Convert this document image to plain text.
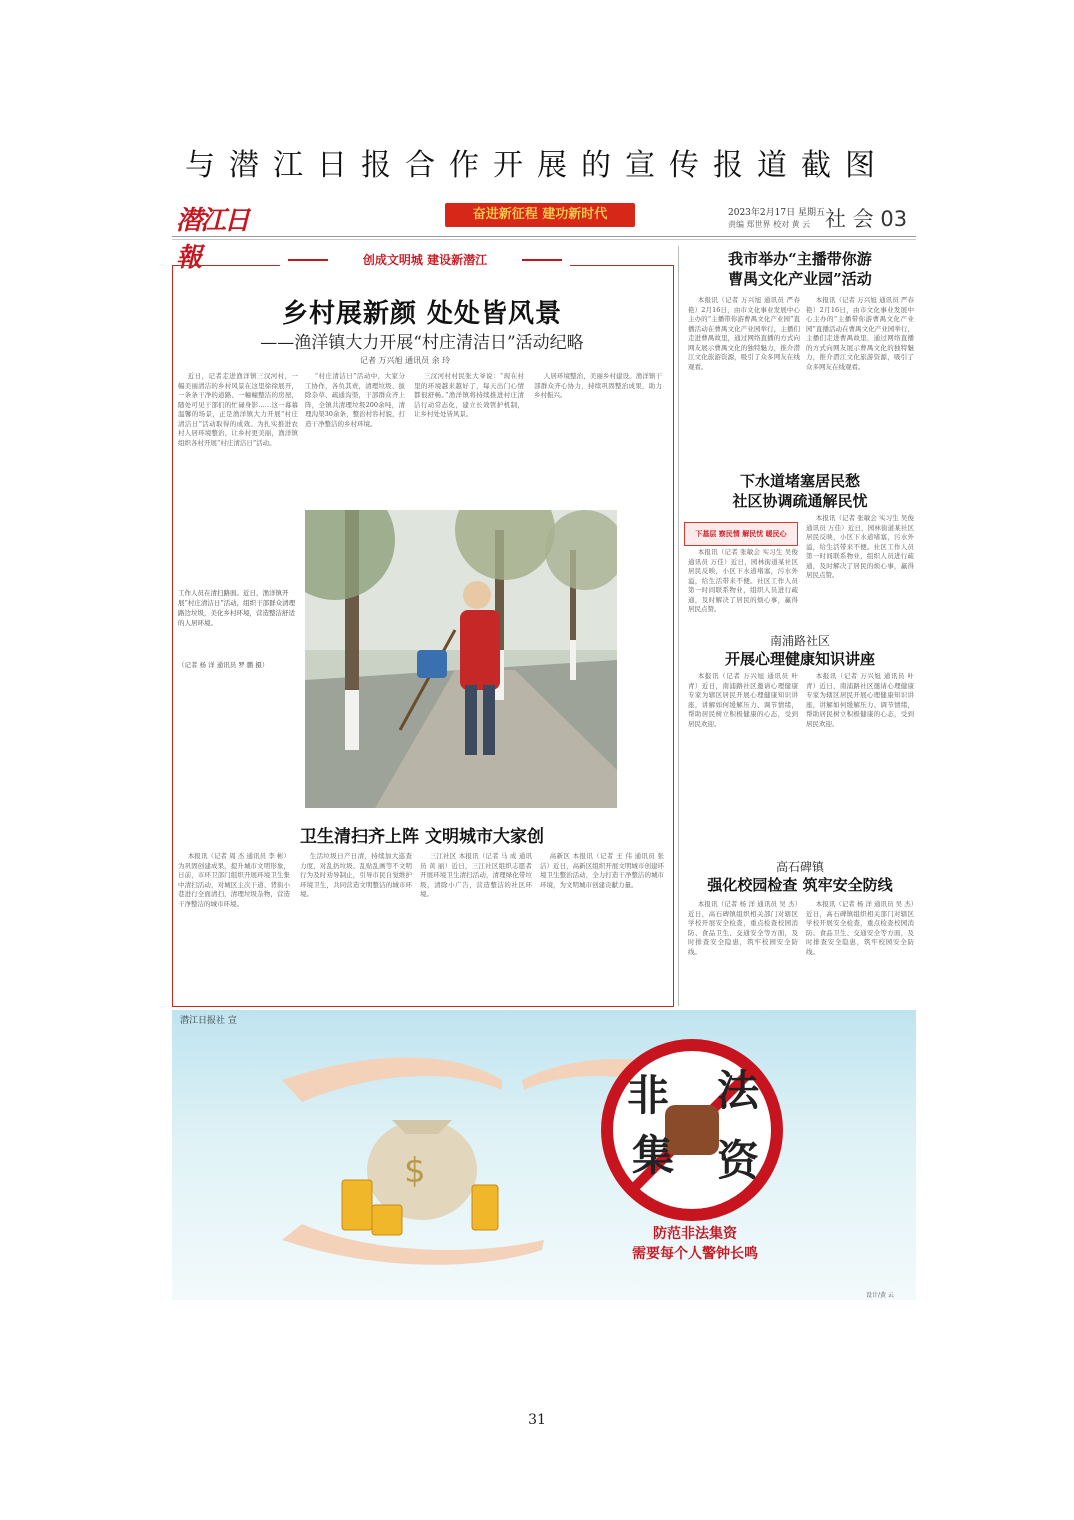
与潜江日报合作开展的宣传报道截图
潜江日報
奋进新征程 建功新时代	2023年2月17日 星期五
责编 郑世界 校对 黄 云 社 会 03
创成文明城 建设新潜江
乡村展新颜 处处皆风景
——渔洋镇大力开展“村庄清洁日”活动纪略
记者 万兴旭 通讯员 余 玲

近日，记者走进渔洋镇三汊河村，一幅美丽清洁的乡村风景在这里徐徐展开，一条条干净的道路、一幢幢整洁的房屋，随处可见干部们的忙碌身影……这一幕幕温馨的场景，正是渔洋镇大力开展“村庄清洁日”活动取得的成效。为扎实推进农村人居环境整治，让乡村更美丽，渔洋镇组织各村开展“村庄清洁日”活动。

“村庄清洁日”活动中，大家分工协作，各负其责，清理垃圾、拔除杂草、疏通沟渠，干部群众齐上阵，全镇共清理垃圾200余吨，清理沟渠30余条，整治村容村貌，打造干净整洁的乡村环境。

三汊河村村民张大爷说：“现在村里的环境越来越好了，每天出门心情都很舒畅。”渔洋镇将持续推进村庄清洁行动常态化，建立长效管护机制，让乡村处处皆风景。

人居环境整治，美丽乡村建设。渔洋镇干部群众齐心协力，持续巩固整治成果，助力乡村振兴。

工作人员在清扫路面。近日，渔洋镇开展“村庄清洁日”活动，组织干部群众清理路边垃圾，美化乡村环境，营造整洁舒适的人居环境。
（记者 杨 洋 通讯员 罗 鹏 摄）
卫生清扫齐上阵 文明城市大家创

本报讯（记者 周 杰 通讯员 李 彬）为巩固创建成果，提升城市文明形象，日前，市环卫部门组织开展环境卫生集中清扫活动，对城区主次干道、背街小巷进行全面清扫，清理垃圾杂物，营造干净整洁的城市环境。

生活垃圾日产日清，持续加大巡查力度，对乱扔垃圾、乱贴乱画等不文明行为及时劝导制止，引导市民自觉维护环境卫生，共同营造文明整洁的城市环境。

三江社区 本报讯（记者 马 成 通讯员 黄 丽）近日，三江社区组织志愿者开展环境卫生清扫活动，清理绿化带垃圾，清除小广告，营造整洁的社区环境。

高新区 本报讯（记者 王 伟 通讯员 张 洁）近日，高新区组织开展文明城市创建环境卫生整治活动，全力打造干净整洁的城市环境，为文明城市创建贡献力量。

我市举办“主播带你游
曹禺文化产业园”活动

本报讯（记者 万兴旭 通讯员 严春艳）2月16日，由市文化事业发展中心主办的“主播带你游曹禺文化产业园”直播活动在曹禺文化产业园举行，主播们走进曹禺故里，通过网络直播的方式向网友展示曹禺文化的独特魅力，推介潜江文化旅游资源，吸引了众多网友在线观看。

本报讯（记者 万兴旭 通讯员 严春艳）2月16日，由市文化事业发展中心主办的“主播带你游曹禺文化产业园”直播活动在曹禺文化产业园举行，主播们走进曹禺故里，通过网络直播的方式向网友展示曹禺文化的独特魅力，推介潜江文化旅游资源，吸引了众多网友在线观看。

下水道堵塞居民愁
社区协调疏通解民忧
下基层 察民情 解民忧 暖民心

本报讯（记者 张敏会 实习生 吴俊 通讯员 万佳）近日，园林街道某社区居民反映，小区下水道堵塞，污水外溢，给生活带来不便。社区工作人员第一时间联系物业，组织人员进行疏通，及时解决了居民的烦心事，赢得居民点赞。

本报讯（记者 张敏会 实习生 吴俊 通讯员 万佳）近日，园林街道某社区居民反映，小区下水道堵塞，污水外溢，给生活带来不便。社区工作人员第一时间联系物业，组织人员进行疏通，及时解决了居民的烦心事，赢得居民点赞。

南浦路社区
开展心理健康知识讲座

本报讯（记者 万兴旭 通讯员 叶 青）近日，南浦路社区邀请心理健康专家为辖区居民开展心理健康知识讲座，讲解如何缓解压力、调节情绪，帮助居民树立积极健康的心态，受到居民欢迎。

本报讯（记者 万兴旭 通讯员 叶 青）近日，南浦路社区邀请心理健康专家为辖区居民开展心理健康知识讲座，讲解如何缓解压力、调节情绪，帮助居民树立积极健康的心态，受到居民欢迎。

高石碑镇
强化校园检查 筑牢安全防线

本报讯（记者 杨 洋 通讯员 吴 杰）近日，高石碑镇组织相关部门对辖区学校开展安全检查，重点检查校园消防、食品卫生、交通安全等方面，及时排查安全隐患，筑牢校园安全防线。

本报讯（记者 杨 洋 通讯员 吴 杰）近日，高石碑镇组织相关部门对辖区学校开展安全检查，重点检查校园消防、食品卫生、交通安全等方面，及时排查安全隐患，筑牢校园安全防线。

$
非 法
集 资
潜江日报社 宣
防范非法集资
需要每个人警钟长鸣
设计/黄 云
31
